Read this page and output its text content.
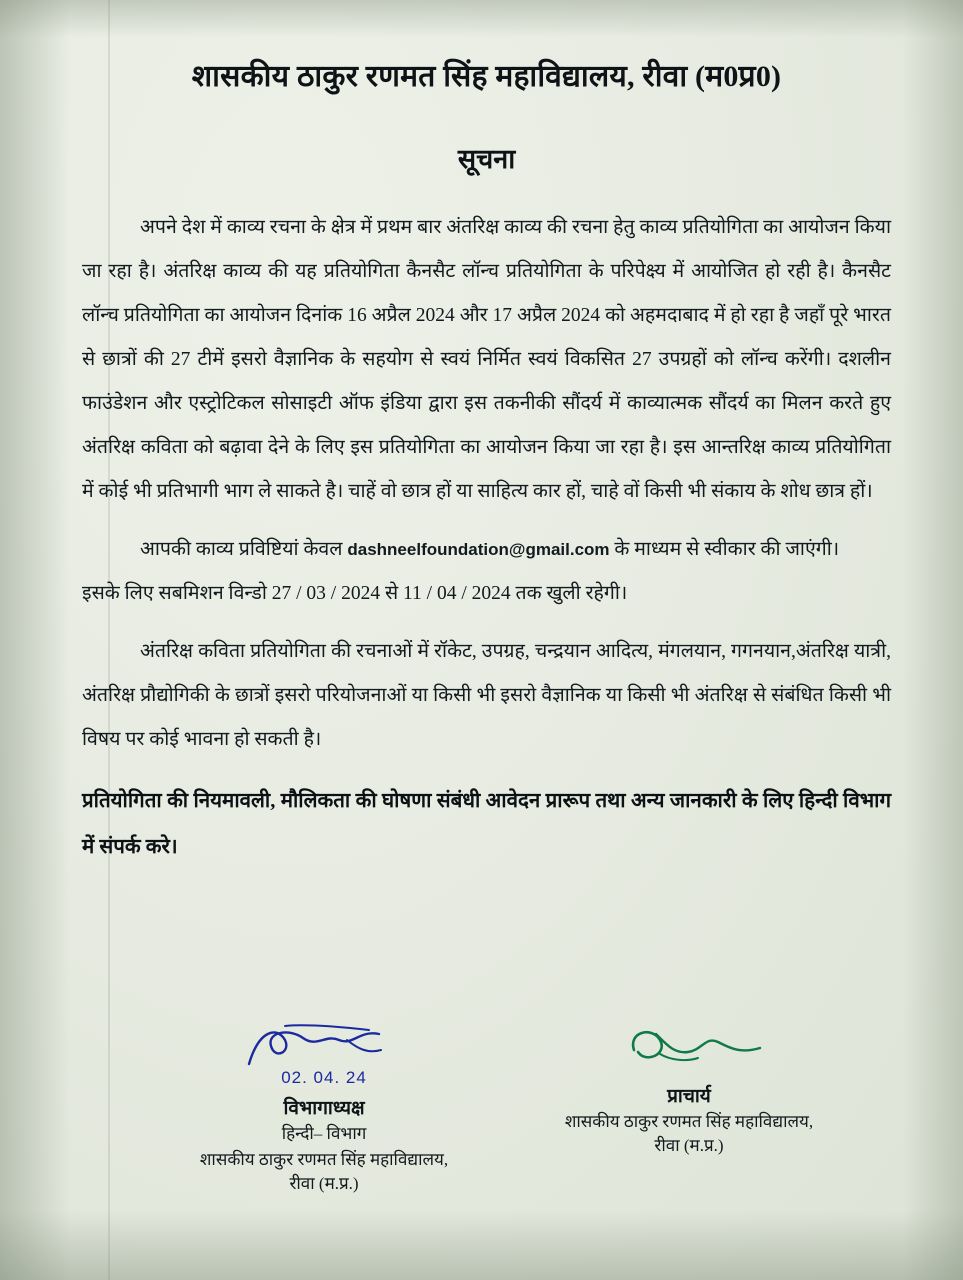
शासकीय ठाकुर रणमत सिंह महाविद्यालय, रीवा (म0प्र0)
सूचना

अपने देश में काव्य रचना के क्षेत्र में प्रथम बार अंतरिक्ष काव्य की रचना हेतु काव्य प्रतियोगिता का आयोजन किया जा रहा है। अंतरिक्ष काव्य की यह प्रतियोगिता कैनसैट लॉन्च प्रतियोगिता के परिपेक्ष्य में आयोजित हो रही है। कैनसैट लॉन्च प्रतियोगिता का आयोजन दिनांक 16 अप्रैल 2024 और 17 अप्रैल 2024 को अहमदाबाद में हो रहा है जहाँ पूरे भारत से छात्रों की 27 टीमें इसरो वैज्ञानिक के सहयोग से स्वयं निर्मित स्वयं विकसित 27 उपग्रहों को लॉन्च करेंगी। दशलीन फाउंडेशन और एस्ट्रोटिकल सोसाइटी ऑफ इंडिया द्वारा इस तकनीकी सौंदर्य में काव्यात्मक सौंदर्य का मिलन करते हुए अंतरिक्ष कविता को बढ़ावा देने के लिए इस प्रतियोगिता का आयोजन किया जा रहा है। इस आन्तरिक्ष काव्य प्रतियोगिता में कोई भी प्रतिभागी भाग ले साकते है। चाहें वो छात्र हों या साहित्य कार हों, चाहे वों किसी भी संकाय के शोध छात्र हों।

आपकी काव्य प्रविष्टियां केवल dashneelfoundation@gmail.com के माध्यम से स्वीकार की जाएंगी।

इसके लिए सबमिशन विन्डो 27 / 03 / 2024 से 11 / 04 / 2024 तक खुली रहेगी।

अंतरिक्ष कविता प्रतियोगिता की रचनाओं में रॉकेट, उपग्रह, चन्द्रयान आदित्य, मंगलयान, गगनयान,अंतरिक्ष यात्री, अंतरिक्ष प्रौद्योगिकी के छात्रों इसरो परियोजनाओं या किसी भी इसरो वैज्ञानिक या किसी भी अंतरिक्ष से संबंधित किसी भी विषय पर कोई भावना हो सकती है।

प्रतियोगिता की नियमावली, मौलिकता की घोषणा संबंधी आवेदन प्रारूप तथा अन्य जानकारी के लिए हिन्दी विभाग में संपर्क करे।

02. 04. 24
विभागाध्यक्ष
हिन्दी– विभाग
शासकीय ठाकुर रणमत सिंह महाविद्यालय,
रीवा (म.प्र.)
प्राचार्य
शासकीय ठाकुर रणमत सिंह महाविद्यालय,
रीवा (म.प्र.)
